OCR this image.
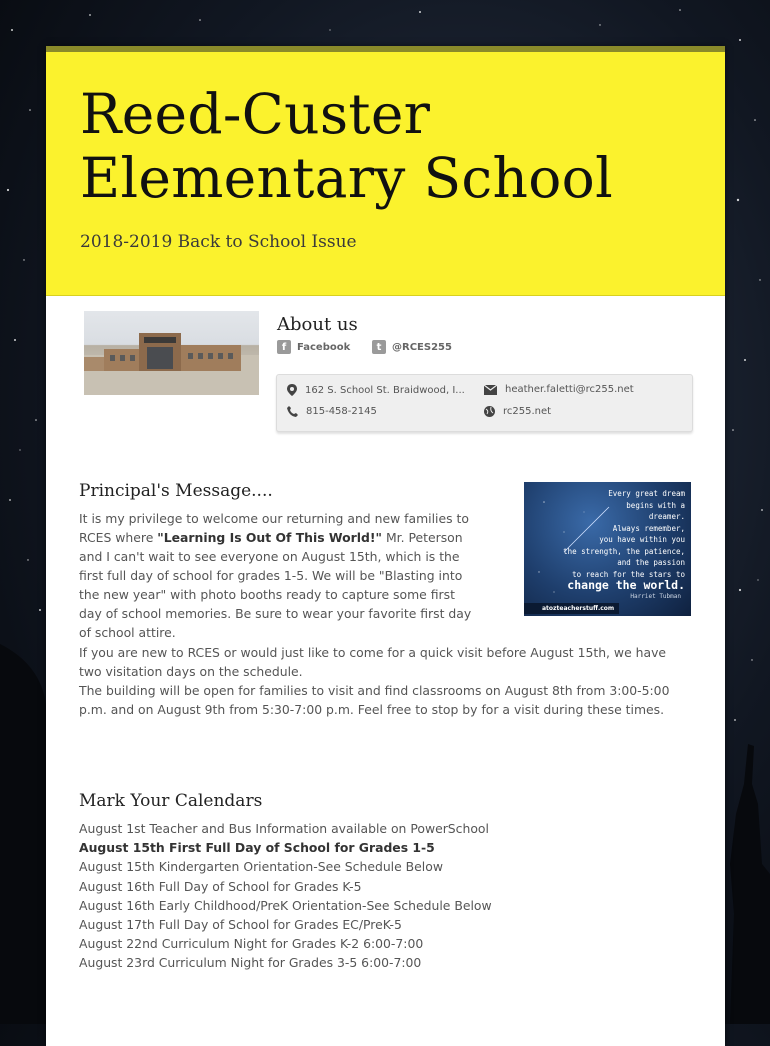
Reed-Custer
Elementary School
2018-2019 Back to School Issue
About us
f	Facebook	t	@RCES255
162 S. School St. Braidwood, I...	heather.faletti@rc255.net
815-458-2145	rc255.net
Principal's Message....
It is my privilege to welcome our returning and new families to RCES where "Learning Is Out Of This World!" Mr. Peterson and I can't wait to see everyone on August 15th, which is the first full day of school for grades 1-5. We will be "Blasting into the new year" with photo booths ready to capture some first day of school memories. Be sure to wear your favorite first day of school attire.
Every great dream
begins with a
dreamer.
Always remember,
you have within you
the strength, the patience,
and the passion
to reach for the stars to
change the world.
Harriet Tubman
atozteacherstuff.com
If you are new to RCES or would just like to come for a quick visit before August 15th, we have two visitation days on the schedule.
The building will be open for families to visit and find classrooms on August 8th from 3:00-5:00 p.m. and on August 9th from 5:30-7:00 p.m. Feel free to stop by for a visit during these times.
Mark Your Calendars
August 1st Teacher and Bus Information available on PowerSchool
August 15th First Full Day of School for Grades 1-5
August 15th Kindergarten Orientation-See Schedule Below
August 16th Full Day of School for Grades K-5
August 16th Early Childhood/PreK Orientation-See Schedule Below
August 17th Full Day of School for Grades EC/PreK-5
August 22nd Curriculum Night for Grades K-2 6:00-7:00
August 23rd Curriculum Night for Grades 3-5 6:00-7:00
